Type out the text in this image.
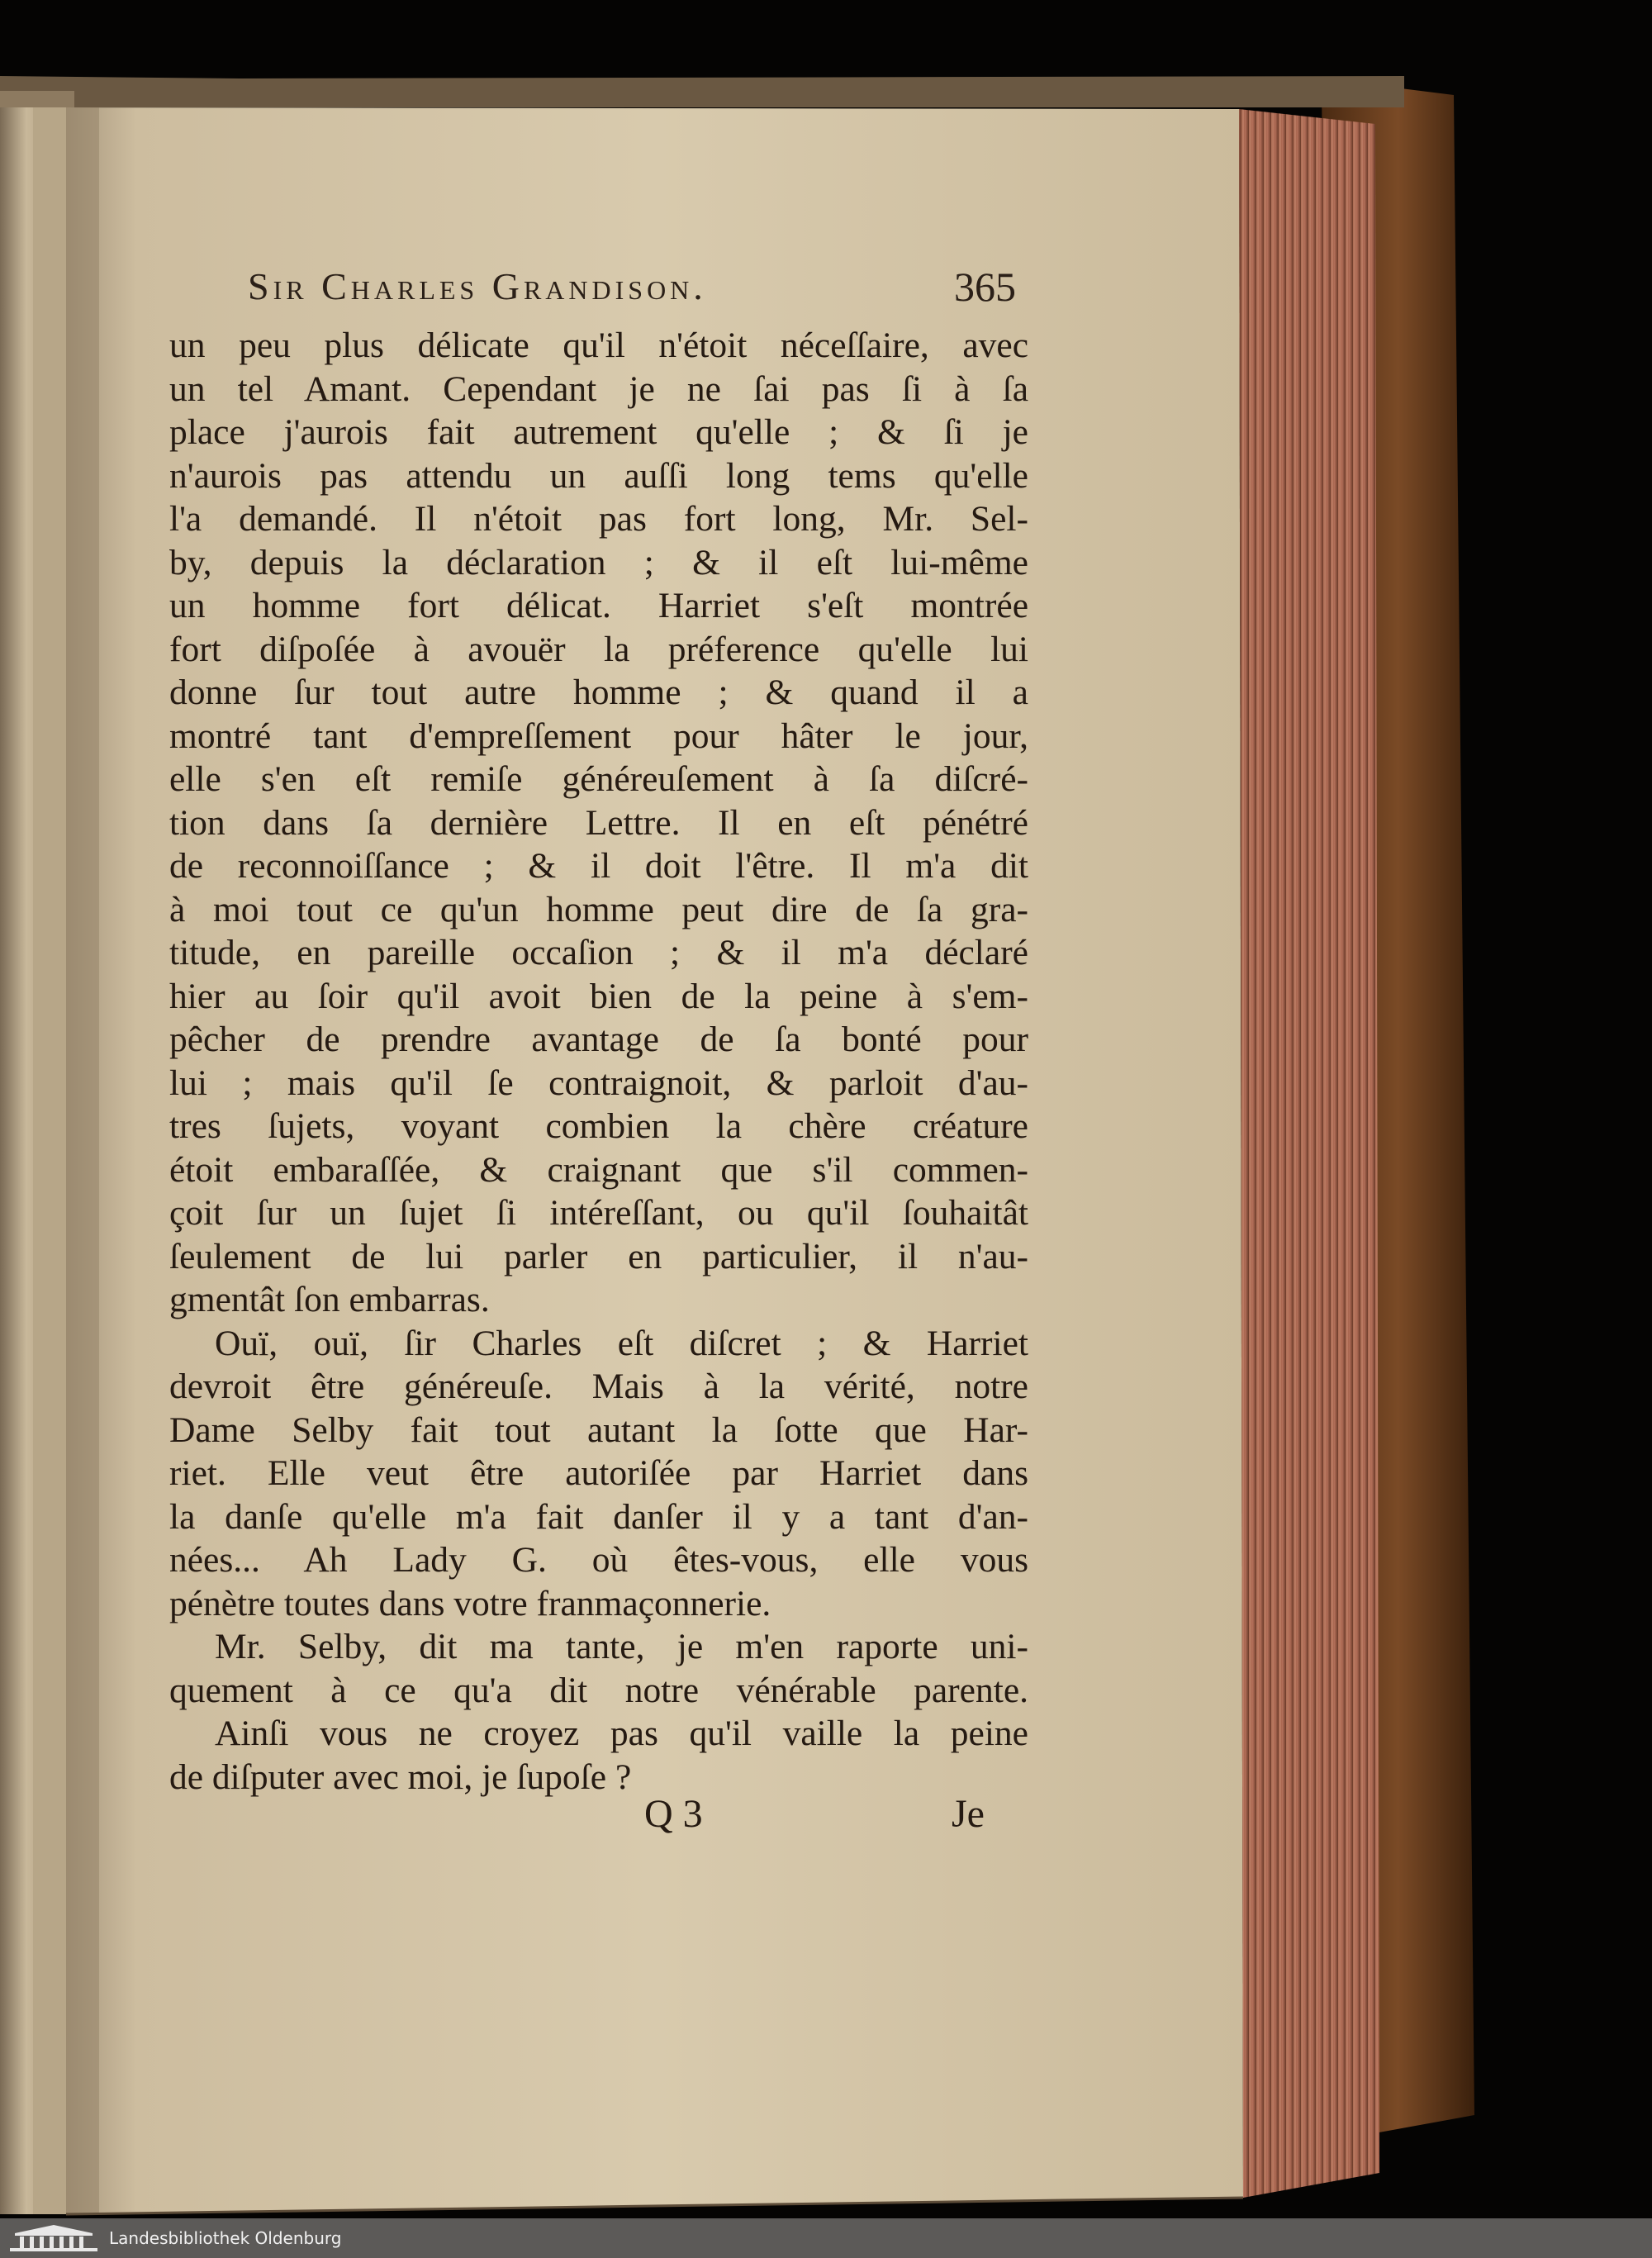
Sir Charles Grandison.	365
un peu plus délicate qu'il n'étoit néceſſaire, avec
un tel Amant. Cependant je ne ſai pas ſi à ſa
place j'aurois fait autrement qu'elle ; & ſi je
n'aurois pas attendu un auſſi long tems qu'elle
l'a demandé. Il n'étoit pas fort long, Mr. Sel-
by, depuis la déclaration ; & il eſt lui-même
un homme fort délicat. Harriet s'eſt montrée
fort diſpoſée à avouër la préference qu'elle lui
donne ſur tout autre homme ; & quand il a
montré tant d'empreſſement pour hâter le jour,
elle s'en eſt remiſe généreuſement à ſa diſcré-
tion dans ſa dernière Lettre. Il en eſt pénétré
de reconnoiſſance ; & il doit l'être. Il m'a dit
à moi tout ce qu'un homme peut dire de ſa gra-
titude, en pareille occaſion ; & il m'a déclaré
hier au ſoir qu'il avoit bien de la peine à s'em-
pêcher de prendre avantage de ſa bonté pour
lui ; mais qu'il ſe contraignoit, & parloit d'au-
tres ſujets, voyant combien la chère créature
étoit embaraſſée, & craignant que s'il commen-
çoit ſur un ſujet ſi intéreſſant, ou qu'il ſouhaitât
ſeulement de lui parler en particulier, il n'au-
gmentât ſon embarras.
Ouï, ouï, ſir Charles eſt diſcret ; & Harriet
devroit être généreuſe. Mais à la vérité, notre
Dame Selby fait tout autant la ſotte que Har-
riet. Elle veut être autoriſée par Harriet dans
la danſe qu'elle m'a fait danſer il y a tant d'an-
nées... Ah Lady G. où êtes-vous, elle vous
pénètre toutes dans votre franmaçonnerie.
Mr. Selby, dit ma tante, je m'en raporte uni-
quement à ce qu'a dit notre vénérable parente.
Ainſi vous ne croyez pas qu'il vaille la peine
de diſputer avec moi, je ſupoſe ?
Q 3	Je
Landesbibliothek Oldenburg
